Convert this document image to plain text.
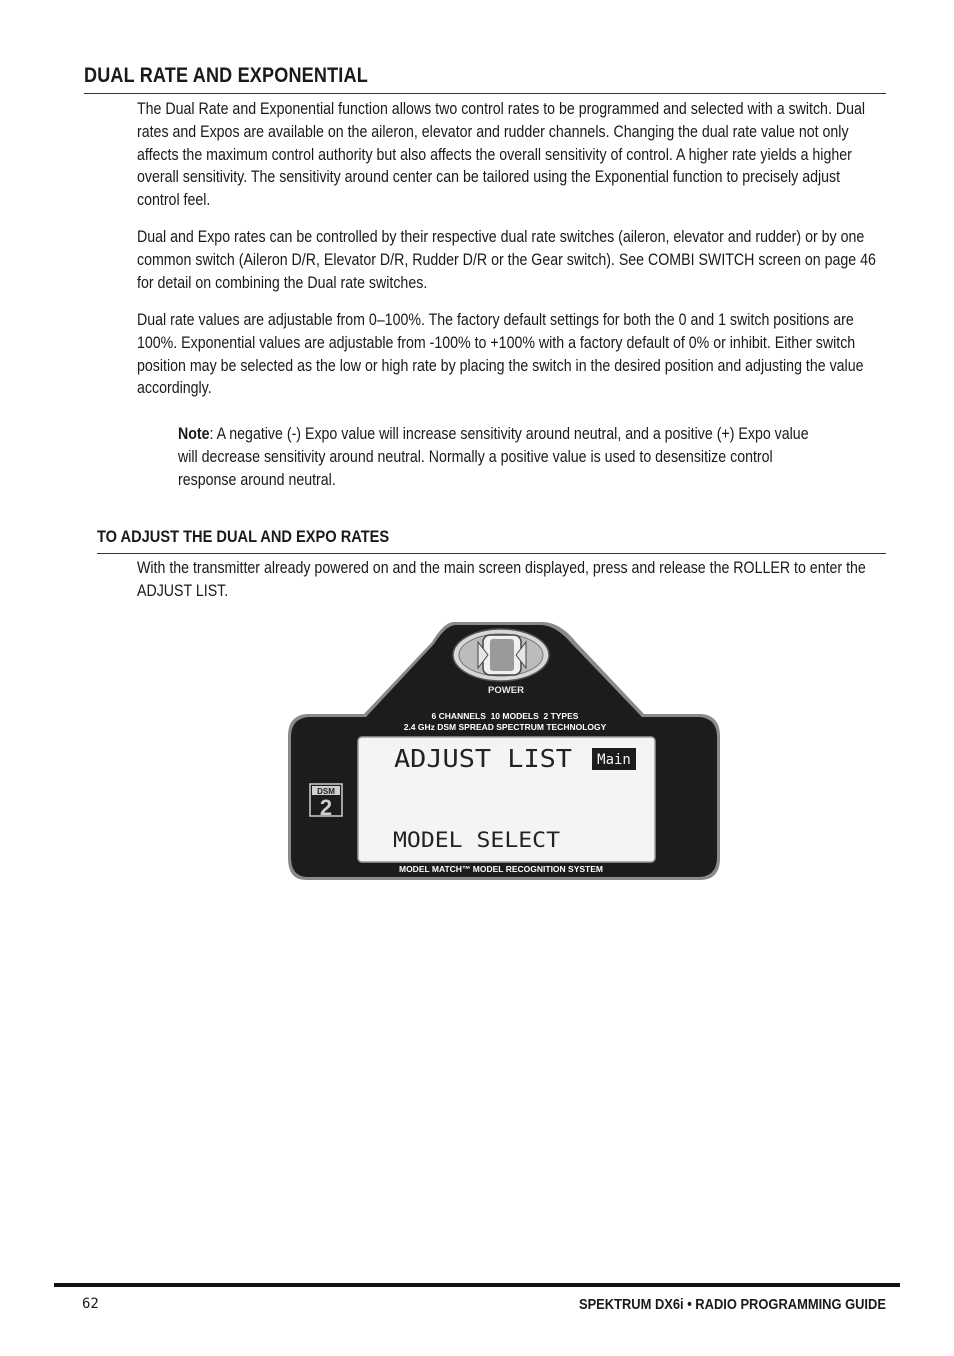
DUAL RATE AND EXPONENTIAL
The Dual Rate and Exponential function allows two control rates to be programmed and selected with a switch. Dual rates and Expos are available on the aileron, elevator and rudder channels. Changing the dual rate value not only affects the maximum control authority but also affects the overall sensitivity of control. A higher rate yields a higher overall sensitivity. The sensitivity around center can be tailored using the Exponential function to precisely adjust control feel.
Dual and Expo rates can be controlled by their respective dual rate switches (aileron, elevator and rudder) or by one common switch (Aileron D/R, Elevator D/R, Rudder D/R or the Gear switch). See COMBI SWITCH screen on page 46 for detail on combining the Dual rate switches.
Dual rate values are adjustable from 0–100%. The factory default settings for both the 0 and 1 switch positions are 100%. Exponential values are adjustable from -100% to +100% with a factory default of 0% or inhibit. Either switch position may be selected as the low or high rate by placing the switch in the desired position and adjusting the value accordingly.
Note: A negative (-) Expo value will increase sensitivity around neutral, and a positive (+) Expo value will decrease sensitivity around neutral. Normally a positive value is used to desensitize control response around neutral.
TO ADJUST THE DUAL AND EXPO RATES
With the transmitter already powered on and the main screen displayed, press and release the ROLLER to enter the ADJUST LIST.
POWER
6 CHANNELS  10 MODELS  2 TYPES
2.4 GHz DSM SPREAD SPECTRUM TECHNOLOGY
DSM
2
ADJUST LIST Main
MODEL SELECT
MODEL MATCH™ MODEL RECOGNITION SYSTEM
62	SPEKTRUM DX6i • RADIO PROGRAMMING GUIDE
